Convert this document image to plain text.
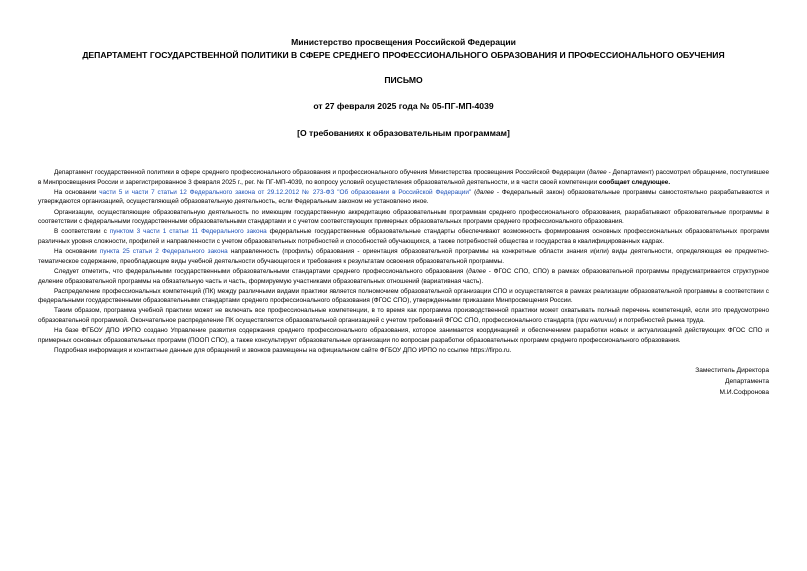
Министерство просвещения Российской Федерации
ДЕПАРТАМЕНТ ГОСУДАРСТВЕННОЙ ПОЛИТИКИ В СФЕРЕ СРЕДНЕГО ПРОФЕССИОНАЛЬНОГО ОБРАЗОВАНИЯ И ПРОФЕССИОНАЛЬНОГО ОБУЧЕНИЯ
ПИСЬМО
от 27 февраля 2025 года № 05-ПГ-МП-4039
[О требованиях к образовательным программам]

Департамент государственной политики в сфере среднего профессионального образования и профессионального обучения Министерства просвещения Российской Федерации (далее - Департамент) рассмотрел обращение, поступившее в Минпросвещения России и зарегистрированное 3 февраля 2025 г., рег. № ПГ-МП-4039, по вопросу условий осуществления образовательной деятельности, и в части своей компетенции сообщает следующее.

На основании части 5 и части 7 статьи 12 Федерального закона от 29.12.2012 № 273-ФЗ "Об образовании в Российской Федерации" (далее - Федеральный закон) образовательные программы самостоятельно разрабатываются и утверждаются организацией, осуществляющей образовательную деятельность, если Федеральным законом не установлено иное.

Организации, осуществляющие образовательную деятельность по имеющим государственную аккредитацию образовательным программам среднего профессионального образования, разрабатывают образовательные программы в соответствии с федеральными государственными образовательными стандартами и с учетом соответствующих примерных образовательных программ среднего профессионального образования.

В соответствии с пунктом 3 части 1 статьи 11 Федерального закона федеральные государственные образовательные стандарты обеспечивают возможность формирования основных профессиональных образовательных программ различных уровня сложности, профилей и направленности с учетом образовательных потребностей и способностей обучающихся, а также потребностей общества и государства в квалифицированных кадрах.

На основании пункта 25 статьи 2 Федерального закона направленность (профиль) образования - ориентация образовательной программы на конкретные области знания и(или) виды деятельности, определяющая ее предметно-тематическое содержание, преобладающие виды учебной деятельности обучающегося и требования к результатам освоения образовательной программы.

Следует отметить, что федеральными государственными образовательными стандартами среднего профессионального образования (далее - ФГОС СПО, СПО) в рамках образовательной программы предусматривается структурное деление образовательной программы на обязательную часть и часть, формируемую участниками образовательных отношений (вариативная часть).

Распределение профессиональных компетенций (ПК) между различными видами практики является полномочием образовательной организации СПО и осуществляется в рамках реализации образовательной программы в соответствии с федеральными государственными образовательными стандартами среднего профессионального образования (ФГОС СПО), утвержденными приказами Минпросвещения России.

Таким образом, программа учебной практики может не включать все профессиональные компетенции, в то время как программа производственной практики может охватывать полный перечень компетенций, если это предусмотрено образовательной программой. Окончательное распределение ПК осуществляется образовательной организацией с учетом требований ФГОС СПО, профессионального стандарта (при наличии) и потребностей рынка труда.

На базе ФГБОУ ДПО ИРПО создано Управление развития содержания среднего профессионального образования, которое занимается координацией и обеспечением разработки новых и актуализацией действующих ФГОС СПО и примерных основных образовательных программ (ПООП СПО), а также консультирует образовательные организации по вопросам разработки образовательных программ среднего профессионального образования.

Подробная информация и контактные данные для обращений и звонков размещены на официальном сайте ФГБОУ ДПО ИРПО по ссылке https://firpo.ru.

Заместитель Директора
Департамента
М.И.Софронова
